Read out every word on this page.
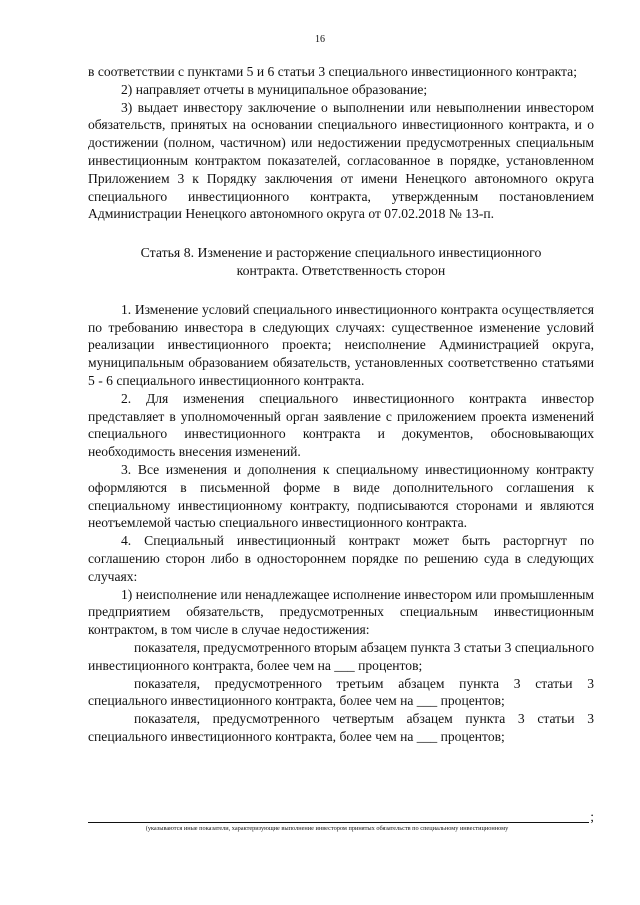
16

в соответствии с пунктами 5 и 6 статьи 3 специального инвестиционного контракта;

2) направляет отчеты в муниципальное образование;

3) выдает инвестору заключение о выполнении или невыполнении инвестором обязательств, принятых на основании специального инвестиционного контракта, и о достижении (полном, частичном) или недостижении предусмотренных специальным инвестиционным контрактом показателей, согласованное в порядке, установленном Приложением 3 к Порядку заключения от имени Ненецкого автономного округа специального инвестиционного контракта, утвержденным постановлением Администрации Ненецкого автономного округа от 07.02.2018 № 13-п.

Статья 8. Изменение и расторжение специального инвестиционного
контракта. Ответственность сторон

1. Изменение условий специального инвестиционного контракта осуществляется по требованию инвестора в следующих случаях: существенное изменение условий реализации инвестиционного проекта; неисполнение Администрацией округа, муниципальным образованием обязательств, установленных соответственно статьями 5 - 6 специального инвестиционного контракта.

2. Для изменения специального инвестиционного контракта инвестор представляет в уполномоченный орган заявление с приложением проекта изменений специального инвестиционного контракта и документов, обосновывающих необходимость внесения изменений.

3. Все изменения и дополнения к специальному инвестиционному контракту оформляются в письменной форме в виде дополнительного соглашения к специальному инвестиционному контракту, подписываются сторонами и являются неотъемлемой частью специального инвестиционного контракта.

4. Специальный инвестиционный контракт может быть расторгнут по соглашению сторон либо в одностороннем порядке по решению суда в следующих случаях:

1) неисполнение или ненадлежащее исполнение инвестором или промышленным предприятием обязательств, предусмотренных специальным инвестиционным контрактом, в том числе в случае недостижения:

показателя, предусмотренного вторым абзацем пункта 3 статьи 3 специального инвестиционного контракта, более чем на ___ процентов;

показателя, предусмотренного третьим абзацем пункта 3 статьи 3 специального инвестиционного контракта, более чем на ___ процентов;

показателя, предусмотренного четвертым абзацем пункта 3 статьи 3 специального инвестиционного контракта, более чем на ___ процентов;

;
(указываются иные показатели, характеризующие выполнение инвестором принятых обязательств по специальному инвестиционному
